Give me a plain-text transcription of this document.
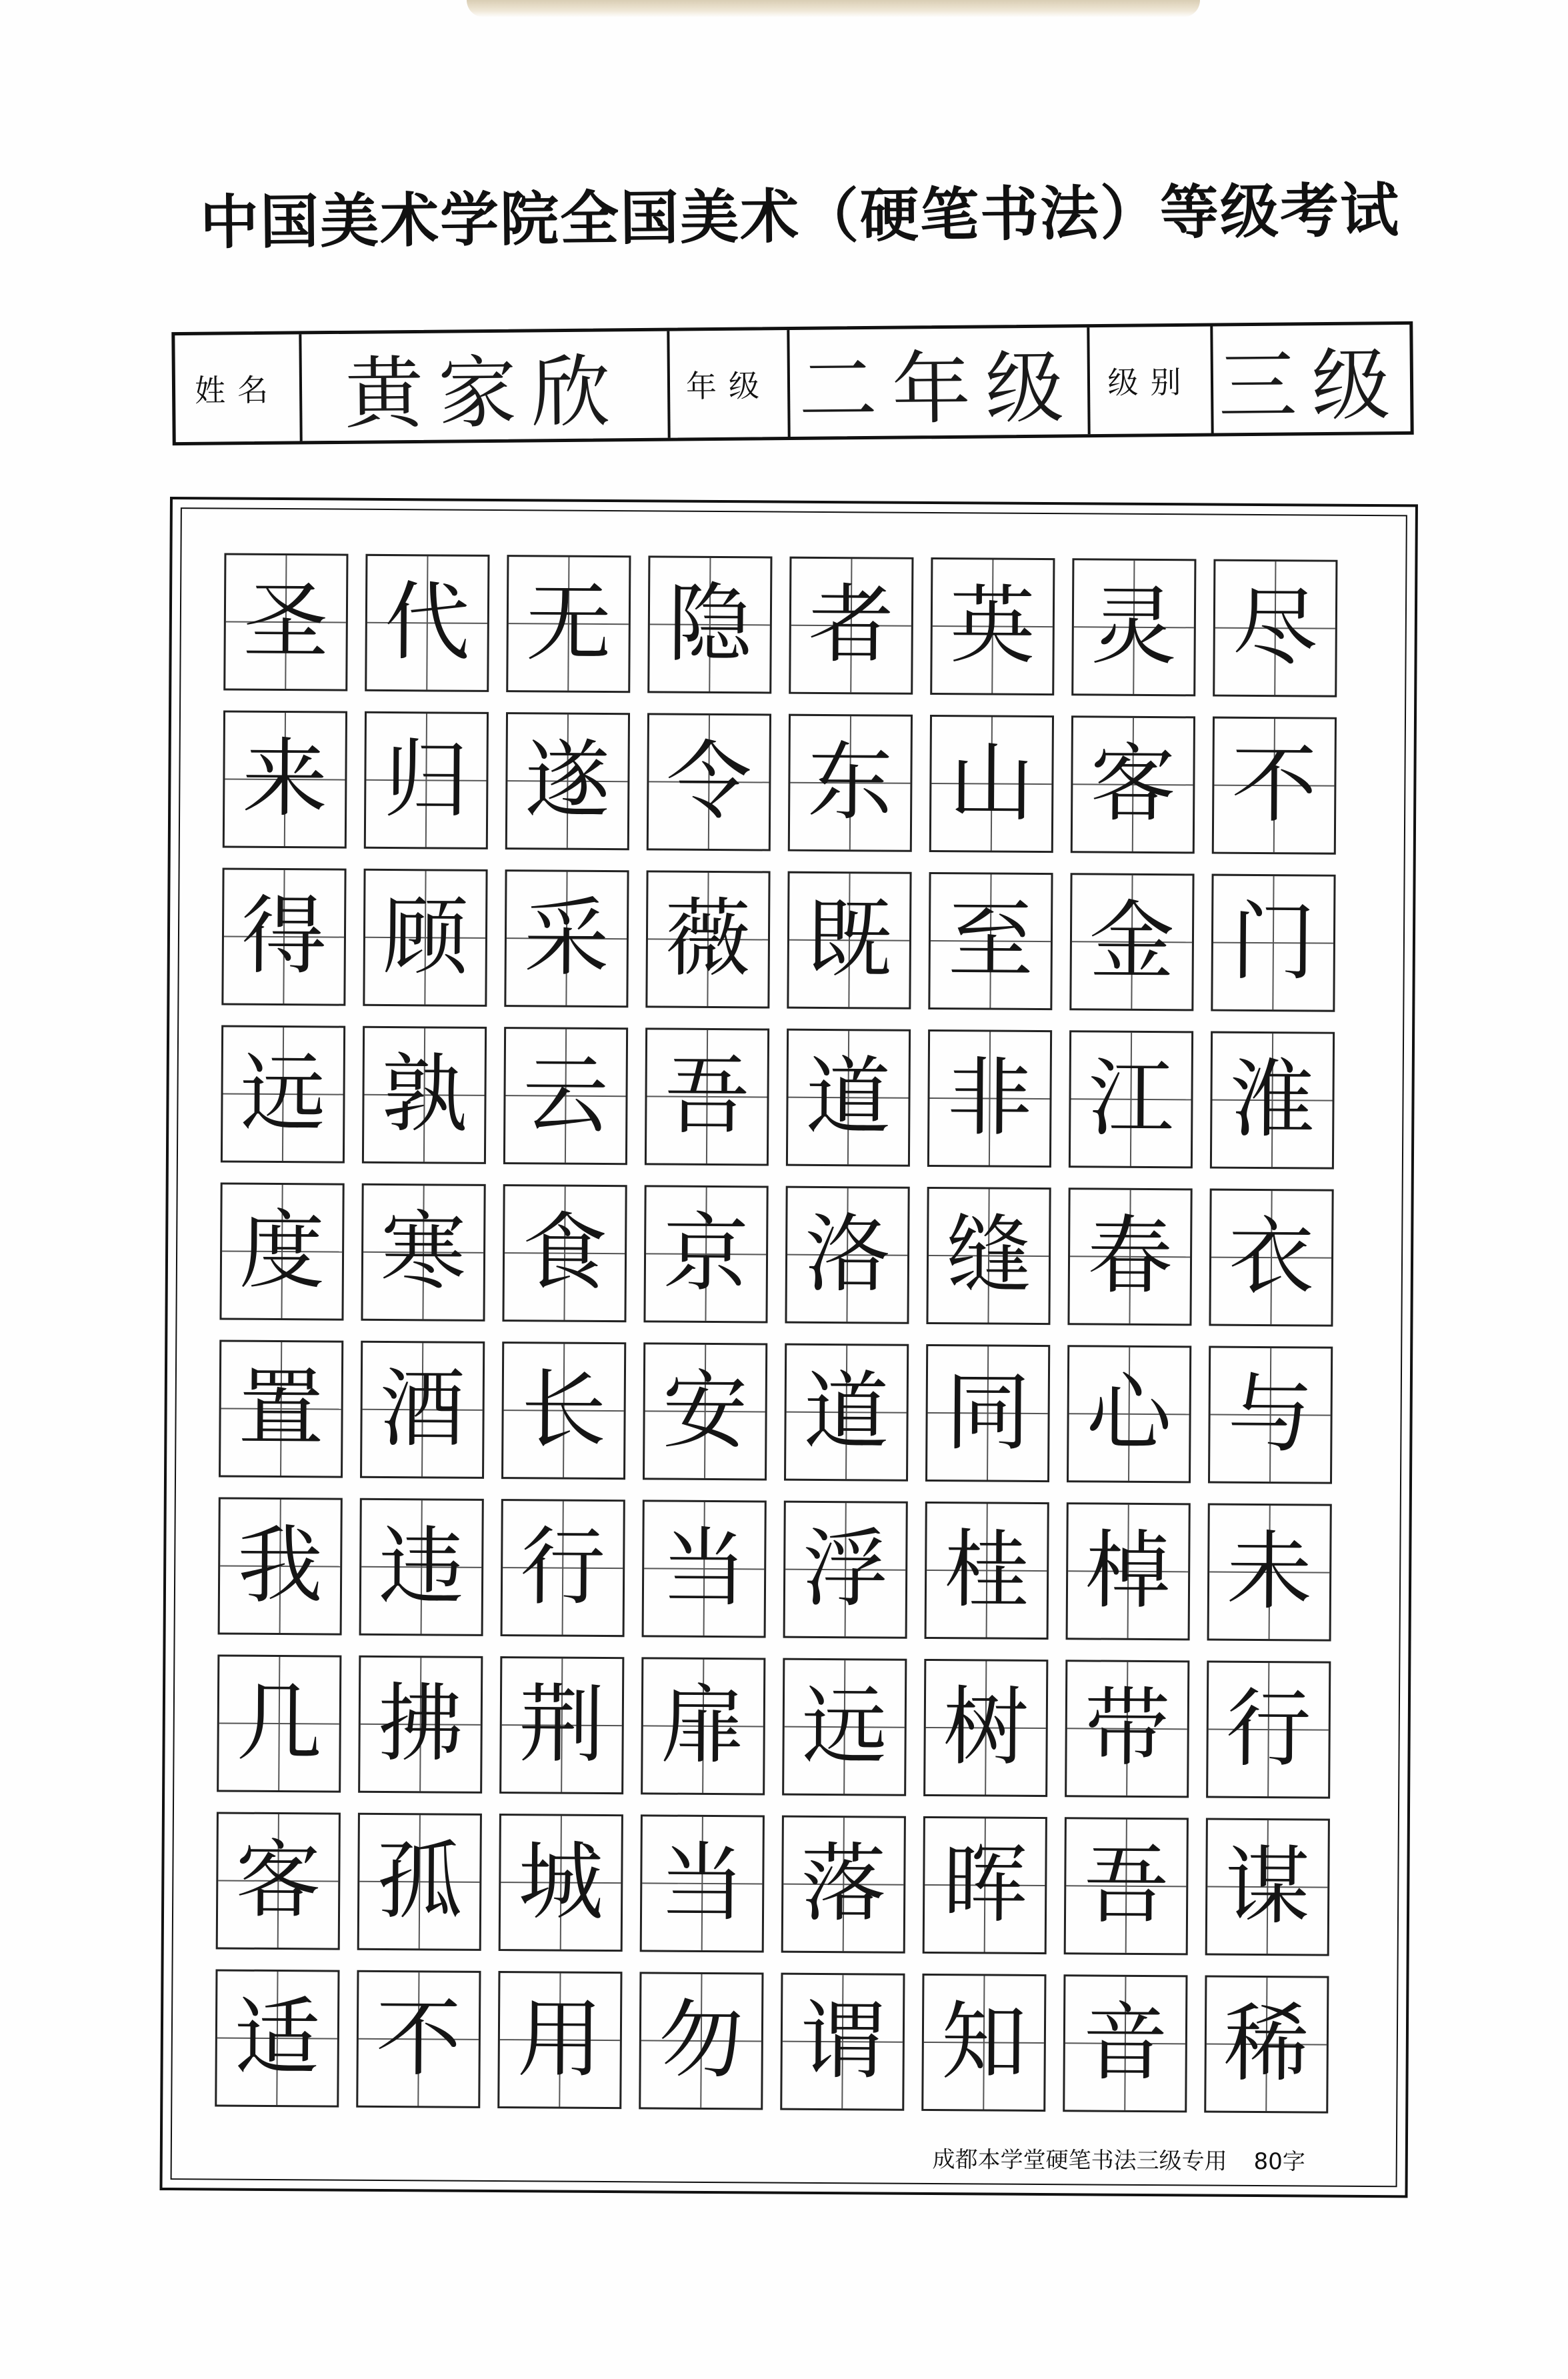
中国美术学院全国美术（硬笔书法）等级考试
姓名 黄家欣	年级 二年级 级别 三级
圣 代 无 隐 者 英 灵 尽
来 归 遂 令 东 山 客 不
得 顾 采 薇 既 至 金 门
远 孰 云 吾 道 非 江 淮
度 寒 食 京 洛 缝 春 衣
置 酒 长 安 道 同 心 与
我 违 行 当 浮 桂 棹 未
几 拂 荆 扉 远 树 带 行
客 孤 城 当 落 晖 吾 谋
适 不 用 勿 谓 知 音 稀
成都本学堂硬笔书法三级专用 80字
